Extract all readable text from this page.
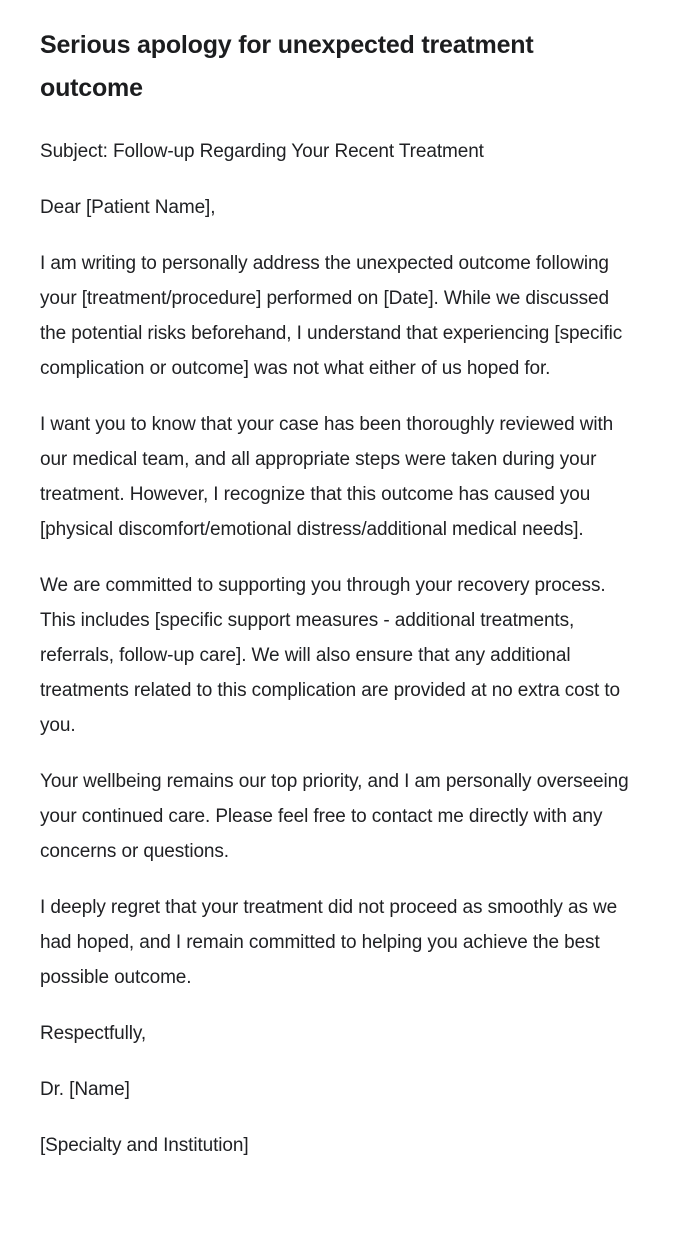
Serious apology for unexpected treatment outcome

Subject: Follow-up Regarding Your Recent Treatment

Dear [Patient Name],

I am writing to personally address the unexpected outcome following your [treatment/procedure] performed on [Date]. While we discussed the potential risks beforehand, I understand that experiencing [specific complication or outcome] was not what either of us hoped for.

I want you to know that your case has been thoroughly reviewed with our medical team, and all appropriate steps were taken during your treatment. However, I recognize that this outcome has caused you [physical discomfort/emotional distress/additional medical needs].

We are committed to supporting you through your recovery process. This includes [specific support measures - additional treatments, referrals, follow-up care]. We will also ensure that any additional treatments related to this complication are provided at no extra cost to you.

Your wellbeing remains our top priority, and I am personally overseeing your continued care. Please feel free to contact me directly with any concerns or questions.

I deeply regret that your treatment did not proceed as smoothly as we had hoped, and I remain committed to helping you achieve the best possible outcome.

Respectfully,

Dr. [Name]

[Specialty and Institution]
